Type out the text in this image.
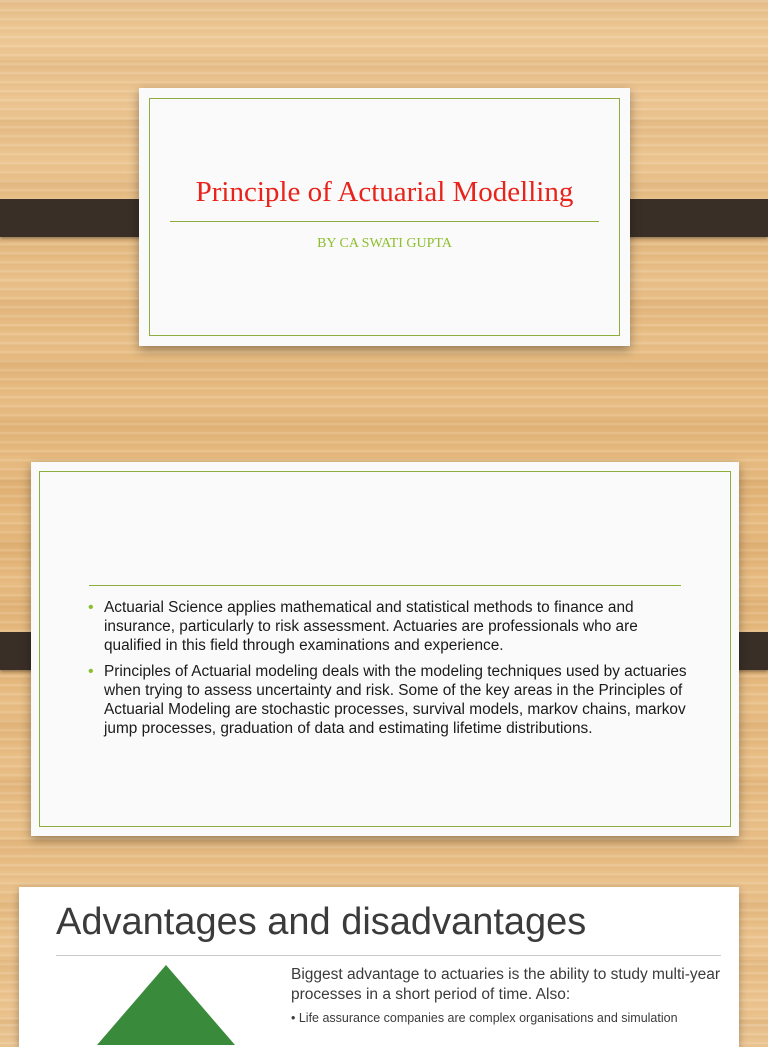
Principle of Actuarial Modelling
BY CA SWATI GUPTA
• Actuarial Science applies mathematical and statistical methods to finance and insurance, particularly to risk assessment. Actuaries are professionals who are qualified in this field through examinations and experience.
• Principles of Actuarial modeling deals with the modeling techniques used by actuaries when trying to assess uncertainty and risk. Some of the key areas in the Principles of Actuarial Modeling are stochastic processes, survival models, markov chains, markov jump processes, graduation of data and estimating lifetime distributions.
Advantages and disadvantages
Biggest advantage to actuaries is the ability to study multi-year processes in a short period of time. Also:
• Life assurance companies are complex organisations and simulation
